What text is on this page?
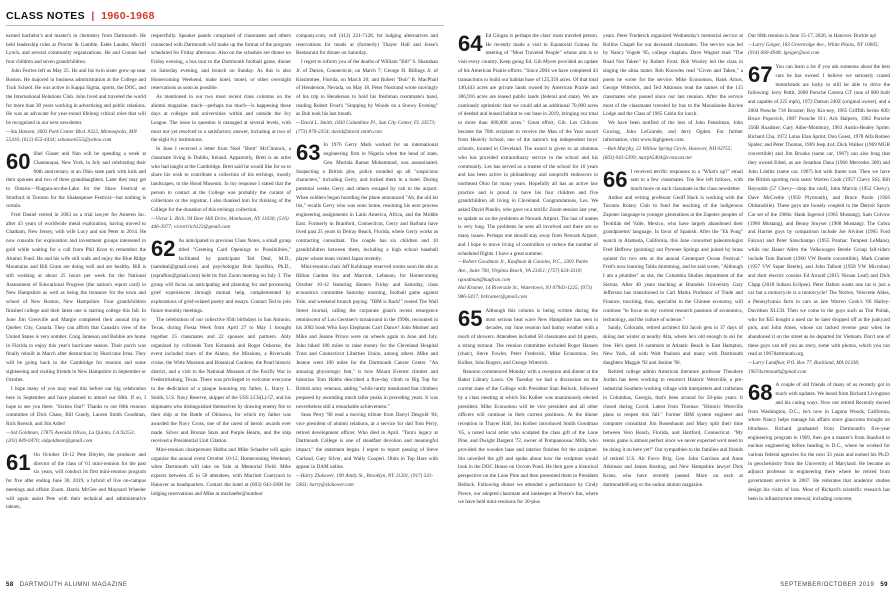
CLASS NOTES | 1960-1968

earned bachelor's and master's in chemistry from Dartmouth. He held leadership roles at Procter & Gamble, Estée Lauder, Merrill Lynch, and several community organizations. He and Connie had four children and seven grandchildren.

John Ferries left us May 25. He and his twin sister grew up near Boston. He majored in business administration at the College and Tuck School. He was active in Kappa Sigma, sports, the DOC, and the International Relations Club. John lived and traveled the world for more than 30 years working in advertising and public relations. He was an advocate for year-round lifelong critical roles that will be recognized in our next newsletter.

—Stu Hansen, 3003 Park Center Blvd. #322, Minneapolis, MN 55416; (612) 655-4434; sshansen555@yahoo.com

60 Shel Glaser and Nan will be spending a week at Chautauqua, New York, in July and celebrating their 60th anniversary at an Ohio state park with kids and their spouses and two of three granddaughters. Later they may get to Ontario—Niagara-on-the-Lake for the Shaw Festival or Stratford in Toronto for the Shakespeare Festival—but nothing is certain.

Fred Daniel retired in 2003 as a trial lawyer for Ameren Inc. after 43 years of worldwide metal exploration, having moved to Chatham, New Jersey, with wife Lucy and son Peter in 2014. He now consults for exploration and investment groups interested in gold while waiting for a call from Phil Kron to remember the Alumni Fund. He and his wife still walk and enjoy the Blue Ridge Mountains and Bill Grant are doing well and are healthy. Bill is still working at about 25 hours per week for the National Assessment of Educational Progress (the nation's report card) in New Hampshire as well as being the treasurer for the town and school of New Boston, New Hampshire. Four grandchildren finished college and their latest one is starting college this fall. In June Jim Grenville and Margie completed their annual trip to Quebec City, Canada. They can affirm that Canada's view of the United States is very somber. Craig Jameson and Bobbie are home in Florida to enjoy this year's hurricane season. Their porch was finally rebuilt in March after destruction by Hurricane Irma. They will be going back to the Cambridge for reunion and some sightseeing and visiting friends in New Hampshire in September or October.

I hope many of you may read this before our big celebration here in September and have planned to attend our 60th. If so, I hope to see you there. "Sixties Out!" Thanks to our 60th reunion committee of Dick Chase, Bill Gundy, Lauren Smith Goodman, Rick Roesch, and Jim Adler!

—Sid Goldman, 17875 Avenida Olivos, La Quinta, CA 92253; (203) 849-0470; sidgoldman@gmail.com

61 On October 10-12 Pete Bleyler, the producer and director of the class of '61 mini-reunion for the past six years, will conduct its first mini-reunion program for five after ending June 30, 2019, a hybrid of live on-campus meetings and offsite Zoom. Harris McGee and Maynard Wheeler will again assist Pete with their technical and administrative talents,

respectfully. Speaker panels comprised of classmates and others connected with Dartmouth will make up the format of the program scheduled for Friday afternoon. Also on the schedule are dinner on Friday evening, a bus tour to the Dartmouth football game, dinner on Saturday evening, and brunch on Sunday. As this is also Homecoming Weekend, make hotel, motel, or other overnight reservations as soon as possible.

As mentioned in our two most recent class columns on the alumni magazine, much—perhaps too much—is happening these days at colleges and universities within and outside the Ivy League. The issue in question is managed at several levels, with most not yet resolved to a satisfactory answer, including at two of the eight Ivy institutions.

In June I received a letter from Noel "Brett" McClintock, a classmate living in Dublin, Ireland. Apparently, Brett is an artist who had taught at the Cambridge. Brett said he would like for us to share his wish to contribute a collection of his etchings, mostly landscapes, to the Hood Museum. In my response I stated that the person to contact at the College was probably the curator of collections or the registrar. I also thanked him for thinking of the College for the donation of this etchings collection.

—Victor L. Rich, 94 Deer Hill Drive, Manhasset, NY 11030; (516) 446-3977; victorlrich123@gmail.com

62 As anticipated in previous Class Notes, a small group titled "Greeting Card Openings to Possibilities," facilitated by participant Ted Deal, M.D., (samdeal@gmail.com) and psychologist Bob Sprafkin, Ph.D., (rsprafkin@gmail.com) held its first Zoom meeting on July 3. The group will focus on anticipating and planning for and processing grief experiences through mutual help, complemented by explorations of grief-related poetry and essays. Contact Ted to join future monthly meetings.

The celebration of our collective 85th birthdays in San Antonio, Texas, during Fiesta Week from April 27 to May 1 brought together 25 classmates and 22 spouses and partners. Ably organized by cofriends Tom Komarek and Roger Osborne, the event included tours of the Alamo, the Missions, a Riverwalk cruise, the Witte Museum and Botanical Gardens, the Pearl historic district, and a visit to the National Museum of the Pacific War in Fredericksburg, Texas. There was privileged to welcome everyone to the dedication of a plaque honoring my father, L. Harry L. Smith, U.S. Navy Reserve, skipper of the USS LCS(L)-57, and his shipmates who distinguished themselves by drawing enemy fire to their ship at the Battle of Okinawa, for which my father was awarded the Navy Cross, one of the rarest of heroic awards ever made. Silver and Bronze Stars and Purple Hearts, and the ship received a Presidential Unit Citation.

Mini-reunion chairpersons Hobbs and Mike Schaefer will again organize the annual event October 10-12, Homecoming Weekend, when Dartmouth will take on Yale at Memorial Field. Mike expects between 45 to 50 attendees, with Marriott Courtyard in Hanover as headquarters. Contact the hotel at (603) 643-5600 for lodging reservations and Mike at mschaefer@outdoor

company.com, cell (413) 221-7128, for lodging alternatives and reservations for meals at (formerly) Thayer Hall and Jesse's Restaurant for dinner on Saturday.

I regret to inform you of the deaths of William "Bill" S. Shanahan Jr. of Darien, Connecticut, on March 7; George H. Billings Jr. of Kissimmee, Florida, on March 20; and Robert "Bob" B. MacPhail of Henderson, Nevada, on May 18. Peter Nostrand wrote movingly of his trip to Henderson to hold his freshman roommate's hand, reading Robert Frost's "Stopping by Woods on a Snowy Evening" as Bob took his last breath.

—David L. Smith, 1830 Columbine Pl., Sun City Center, FL 33573; (773) 870-2354; david@david smith.com

63 In 1976 Gerry Mark worked for an international engineering firm in Nigeria when the head of state, Gen. Murtala Ramat Muhammad, was assassinated. Suspecting a British plot, police rounded up all "suspicious characters," including Gerry, and locked them in a hotel. During potential weeks Gerry and others escaped by cab to the airport. When soldiers began boarding the plane announced "Ah, the old kit list," recalls Gerry who was soon home, resuming his next process engineering assignments in Latin America, Africa, and the Middle East. Formerly in Branford, Connecticut, Gerry and Barbara have lived past 25 years in Delray Beach, Florida, where Gerry works as contracting consultant. The couple has six children and 10 grandchildren between them, including a high school baseball player whose team visited Japan recently.

Mini-reunion chair Jeff Kohlmage reserved rooms soon the site at Hilton Garden Inn and Marriott, Lebanon, for Homecoming October 10-12 featuring dinners Friday and Saturday, class economics committee Saturday morning, football game against Yale, and weekend brunch paying. "IBM is Back!" rooted The Wall Street Journal, calling the corporate giant's recent resurgence reminiscent of Lou Gerstner's turnaround in the 1990s, recounted in his 2002 book Who Says Elephants Can't Dance? John Motiner and Mike and Jeanne Prince were on wheels again in June and July. John biked 100 miles to raise money for the Cleveland Hospital Trust and Connecticut Liberties Union, among others. Mike and Jeanne went 100 miles for the Dartmouth Cancer Center. "An amazing physiologic feat," is how Mount Everest climber and historian Tom Hobbs described a five-day climb to Big Top for British army veterans, adding "while rarely mentioned that climbers prepared by ascending much taller peaks in preceding years. It was nevertheless still a remarkable achievement."

Sean Perry '90 read a moving tribute from Darryl Desgold '84, vice president of alumni relations, at a service for dad Tom Perry, retired development officer. Who died in April. "Tom's legacy at Dartmouth College is one of steadfast devotion and meaningful impact," the statement began. I regret to report passing of Steve Garland, Gary Silver, and Wally Cooperi. Obits in Top Hare with appear in DAM online.

—Harry Zlokower, 190 Amity St., Brooklyn, NY 11201; (917) 541-5063; harry@zlokower.com

64 Ed Glogan is perhaps the class' most traveled person. He recently made a visit to Equatorial Guinea for meeting of "Most Traveled People" whose aim is to visit every country. Keep going Ed. Gib Myers provided an update of his American Prairie efforts. "Since 2004 we have completed 43 transactions to build our habitat base of 125,359 acres. Of that total 140,443 acres are private lands owned by American Prairie and 386,916 acres are leased public lands (federal and state). We are cautiously optimistic that we could add an additional 70,000 acres of deeded and leased habitat to our base in 2019, bringing our total to more than 600,000 acres." Great effort, Gib. Les Chilcote became the 70th recipient to receive the Man of the Year award from Heavily School, one of the nation's top independent boys' schools, located in Cleveland. The award is given to an alumnus who has provided extraordinary service to the school and his community. Les has served as a trustee of the school for 16 years and has been active in philanthropy and nonprofit endeavors in northeast Ohio for many years. Hopefully all has an active law practice and is proud to have his four children and five grandchildren all living in Cleveland. Congratulations, Les. We asked David Pinello, who gave us a terrific Zoom session last year, to update us on the problems at Newark Airport. The last of names is very long. The problems he sees all involved and there are so many issues. Perhaps one should stay away from Newark Airport, and I hope to move living of controllers or reduce the number of scheduled flights. I have a great summer.

—Robert Goodman Jr., Kaufman & Canoles, P.C., 2301 Parke Ave., Suite 700, Virginia Beach, VA 23451; (757) 624-3318; rgoodman@kaufcan.com

Hal Kramer, 14 Riverside St., Watertown, NJ 07943-1225; (973) 986-5417; hrkramer@gmail.com

65 Although this column is being written during the most serious heat wave New Hampshire has seen in decades, our June reunion had balmy weather with a touch of showers. Attendees included 50 classmates and 44 guests, a strong turnout. The reunion committee included Roger Hansen (chair), Steve Fowler, Peter Frederick, Mike Economou, Stu Kolber, John Rogers, and George Witterick.

Reunion commenced Monday with a reception and dinner at the Baker Library Lawn. On Tuesday we had a discussion on the current state of the College with President Sian Beilock, followed by a class meeting at which Stu Kolber was unanimously elected president. Mike Economou will be vice president and all other officers will continue in their current positions. At the dinner reception in Thayer Hall, Stu Kolber introduced Smith Goodman '65, a noted local artist who sculpted the class gift of the Lone Pine, and Dwight Dargent '72, owner of Pompanoosuc Mills, who provided the wooden base and interior finishes for the sculpture. Stu unveiled the gift and spoke about how the sculpture would look in the DOC House on Occom Pond. He then gave a historical perspective on the Lone Pine and then presented them to President Beilock. Following dinner we attended a performance by Cindy Pierce, our adopted classmate and innkeeper at Pierce's Inn, where we have held mini-reunions for 30-plus

years. Peter Frederick organized Wednesday's memorial service at Rollins Chapel for our deceased classmates. The service was led by Nancy Vogele '85, college chaplain. Dave Wagner read "The Road Not Taken" by Robert Frost. Bob Wooley led the class in singing the alma mater. Bob Knowles read "Given and Taken," a poem he wrote for the service. Mike Economou, Hank Amos, George Witterick, and Ted Atkinson read the names of the 115 classmates who passed since our last reunion. After the service most of the classmates traveled by bus to the Moosilauke Ravine Lodge and the Class of 1965 Cabin for lunch.

We have been notified of the loss of John Fenstiman, John Gowing, John LeGrande, and Jerry Ogden. For further information, visit www.highgreen.com.

—Bob Murphy, 22 Willow Spring Circle, Hanover, NH 03755; (603) 643-5399; murph5404@comcast.net

66 I received terrific responses to a "What's up?" email sent to a few classmates. Too few left follows, with much more on each classmate in the class newsletter.

Author and writing professor Geoff Hack is working with the Toronto Rotary Club to fund the teaching of the indigenous Zapotec language to younger generations at the Zapotec peoples of Teotitlán del Valle, Mexico, who have largely abandoned their grandparents' language. In favor of Spanish. After the "Ek Pong" search in Alameda, California, this June concerted paleontologist Fred Heffrow (pointing) out Pyrenee Springs and joined by brass quintet for two sets at the annual Centerport Ocean Festival." Fred's now learning Tabla drumming, and he said wrote, "Although I am a plumber" as she, the Columbia Studies department of the Sierras. After 40 years teaching at Brandeis University Gary Jefferson has transitioned to Carl Marks Professor of Trade and Finance, touching, thus, specialist in the Chinese economy, will continue "to focus on my current research passions of economics, technology, and the culture of science."

Sandy, Colorado, retired architect Ed Jacob gets in 37 days of skiing last winter at nearby Alta, where he's old enough to ski for free. He's spent 16 summers at Atlantic Beach in East Hampton, New York, all with Walt Paulson and many with Dartmouth daughters Maggie '92 and Justine '96.

Retired college admin American literature professor Theodore Jordan has been working to resurrect Historic Westville, a pre-industrial Southern working village with interpreters and craftsmen in Columbus, Georgia, that's been around for 50-plus years. It closed during Covid. Latest from Thomas: "Historic Westville plans to reopen this fall." Former IBM system engineer and computer consultant Jim Rosenbaum and Mary split their time between Vero Beach, Florida, and Hartford, Connecticut. "My tennis game is almost perfect since we never expected we'd need to be doing it on here yet!" Our sympathies to the families and friends of retired U.S. Air Force Brig. Gen. John Garrison and Anne Atkinson and James Keating, and New Hampshire lawyer Dick Kraus, who have recently passed. More on each at dartmouth66.org or the online alumni magazine.

Our 60th reunion is June 15-17, 2026, in Hanover. Buckle up!

—Larry Geiger, 183 Greenridge Ave., White Plains, NY 10605; (914) 660-4948; lgeiger@aol.com

67 You can learn a lot if you ask someone about the best cars he has owned. I believe we seriously crazed motorheads are lucky to still be able to drive the following: Jerry Pettit, 2008 Porsche Carrera GT (one of 800 built and capable of 225 mph), 1972 Datsun 240Z (original owner), and a 2004 Porsche 718 Boxster; Roy Kin-ney, 1965 Griffith Series 600; Bruce Popovich, 1987 Porsche 911; Ack Halpern, 1962 Porsche 356B Roadster; Gary Adler-Mombury, 1963 Austin-Healey Sprite; Richard Cha, 1972 Lotus Elan Sprint; Don Guest, 1978 Alfa Romeo Spider; and Peter Thomas, 1969 Jeep 4x4. Dick Walker (1969 MGB convertible) and Jim Brooks (same car, 1967) can also brag that they owned Edsel, as are Jonathan Dana (1966 Mercedes 300) and John Loblitz (same car, 1967) but with frame rust. Then we have the British sporting twin seats: Warren Cook (1957 Chevy SS), Bill Reynolds (57 Chevy—drop the roof), John Marvin (1952 Chevy), Dave McCredie (1950 Plymouth), and Bruce Pardo (1956 Oldsmobile). These guys are loosely coupled to the Detroit Sports Car set of the 1960s: Hank Ingersol (1965 Mustang), Sam Colvow (1966 Mustang), and Benny Smyser (1968 Mustang). The Cobra and Harriet guys by comparison include Joe Alvinet (1965 Ford Falcon) and Peter Sinschampo (1955 Pontiac Tempest LeMans), while our Bauer Allen the Volkswagen Beetle Group fall-riders include Tom Barnett (1960 VW Beetle convertible), Mark Cramer (1957 VW Super Beetle), and John Talbott (1958 VW Microbus) and their electric cousins Ed Arnold (2015 Nissan Leaf) and Dick Clapp (2018 Subaru Eclipse). Peter Dalton wants one car is just a car but a motorcycle is a motorcycle! The Norton, Velocette Ahles, a Pennsylvania farm in cars as late Warren Cook's '66 Harley-Davidson XLCH. Then we come to the guys such as Tim Pollak, who for $35 bought a used car he later dropped off at the junkyard pick, and John Ames, whose car lacked reverse gear when he abandoned it on the street as he departed for Vietnam. Don't one of these guys can tell you an story, some with photos, which you can read at 1967dartmouth.org.

—Larry Landfear, P.O. Box 77, Buckland, MA 01338; 1967dartmouth@gmail.com

68 A couple of old friends of many of us recently got in touch with updates. We heard from Richard Livingston and his caring ways. Now our retired Recently moved from Washington, D.C., he's now in Laguna Woods, California, where Nancy helps manage his affairs since glaucoma brought on blindness. Richard graduated from Dartmouth's five-year engineering program in 1969, then got a master's from Stanford in nuclear engineering before heading to D.C., where he worked for various federal agencies for the next 33 years and earned his Ph.D. in geochemistry from the University of Maryland. He became an adjunct professor in engineering there where he retired from government service in 2007. He reiterates that academic studies design his visits of loss. Most of Richard's scientific research has been in infrastructure renewal, including concrete,

58 DARTMOUTH ALUMNI MAGAZINE	SEPTEMBER/OCTOBER 2019 59
